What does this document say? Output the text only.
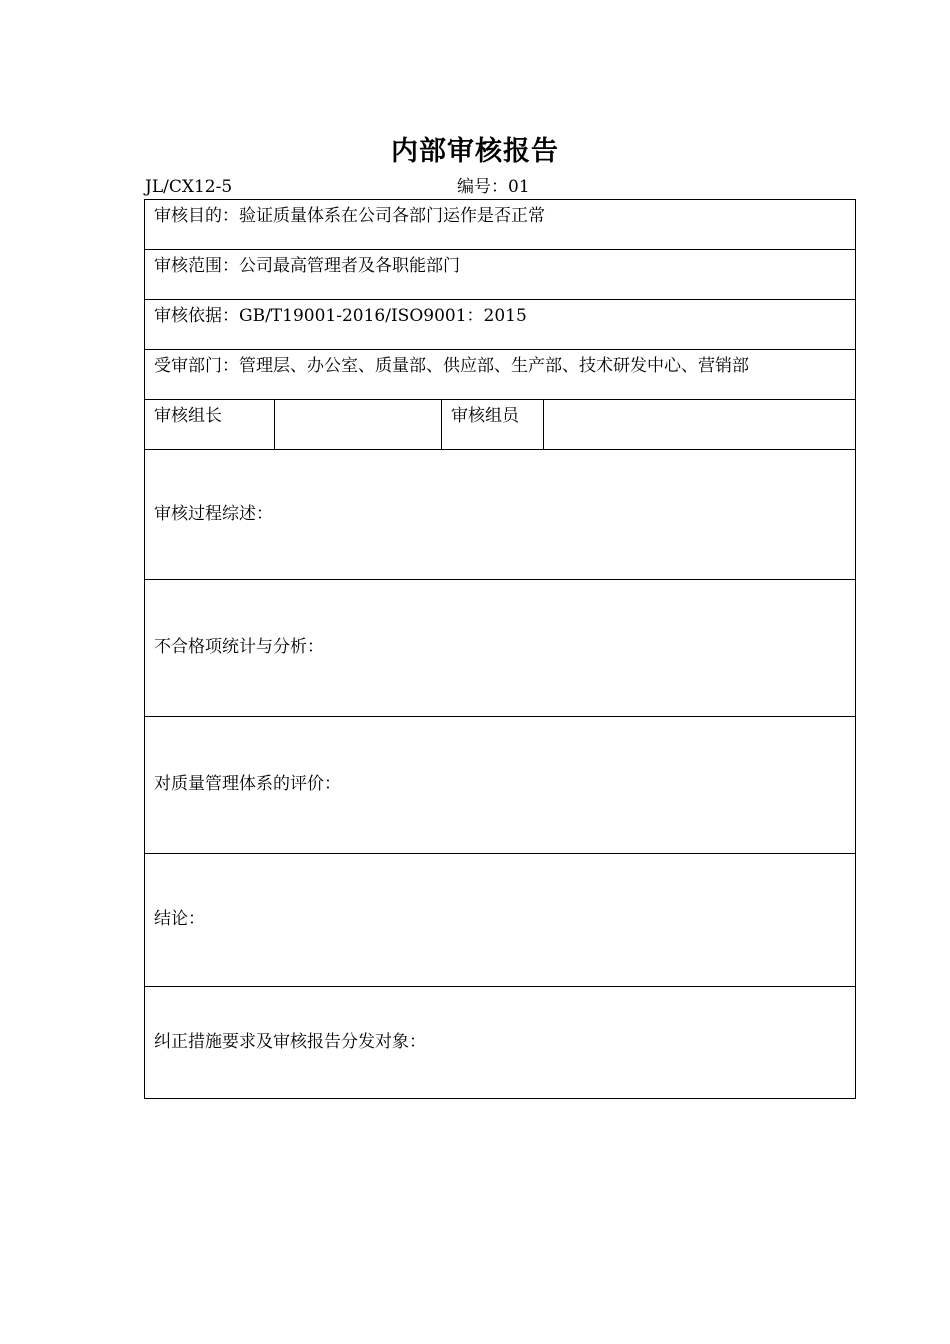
内部审核报告
JL/CX12-5	编号：01
审核目的：验证质量体系在公司各部门运作是否正常
审核范围：公司最高管理者及各职能部门
审核依据：GB/T19001-2016/ISO9001：2015
受审部门：管理层、办公室、质量部、供应部、生产部、技术研发中心、营销部
审核组长		审核组员	
审核过程综述：
不合格项统计与分析：
对质量管理体系的评价：
结论：
纠正措施要求及审核报告分发对象：
